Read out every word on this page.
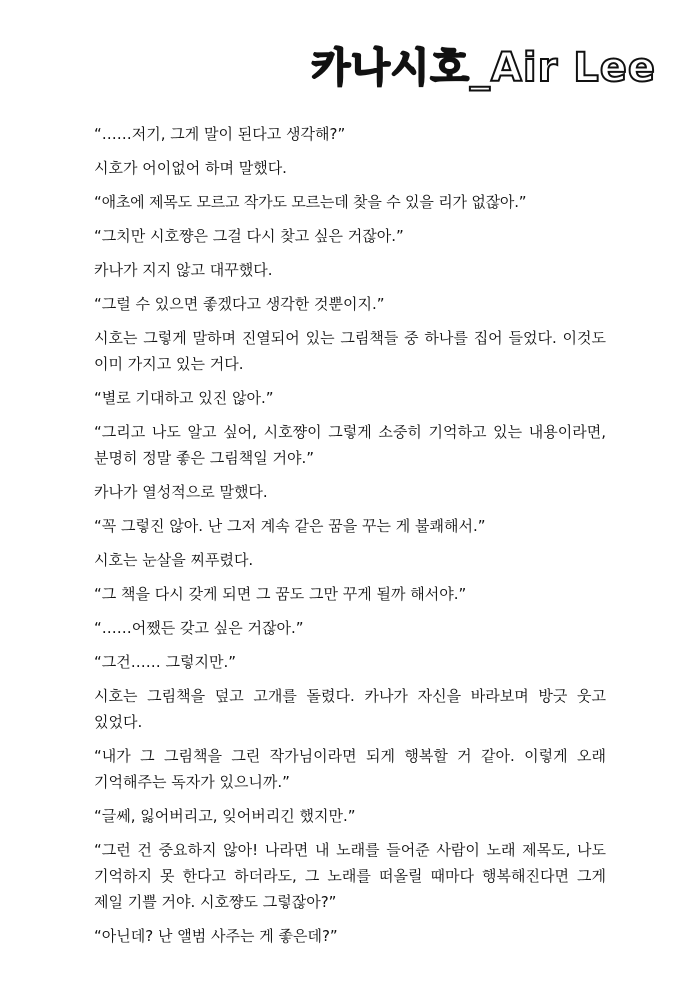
카나시호_Air Lee

“……저기, 그게 말이 된다고 생각해?”

시호가 어이없어 하며 말했다.

“애초에 제목도 모르고 작가도 모르는데 찾을 수 있을 리가 없잖아.”

“그치만 시호쨩은 그걸 다시 찾고 싶은 거잖아.”

카나가 지지 않고 대꾸했다.

“그럴 수 있으면 좋겠다고 생각한 것뿐이지.”

시호는 그렇게 말하며 진열되어 있는 그림책들 중 하나를 집어 들었다. 이것도 이미 가지고 있는 거다.

“별로 기대하고 있진 않아.”

“그리고 나도 알고 싶어, 시호쨩이 그렇게 소중히 기억하고 있는 내용이라면, 분명히 정말 좋은 그림책일 거야.”

카나가 열성적으로 말했다.

“꼭 그렇진 않아. 난 그저 계속 같은 꿈을 꾸는 게 불쾌해서.”

시호는 눈살을 찌푸렸다.

“그 책을 다시 갖게 되면 그 꿈도 그만 꾸게 될까 해서야.”

“……어쨌든 갖고 싶은 거잖아.”

“그건…… 그렇지만.”

시호는 그림책을 덮고 고개를 돌렸다. 카나가 자신을 바라보며 방긋 웃고 있었다.

“내가 그 그림책을 그린 작가님이라면 되게 행복할 거 같아. 이렇게 오래 기억해주는 독자가 있으니까.”

“글쎄, 잃어버리고, 잊어버리긴 했지만.”

“그런 건 중요하지 않아! 나라면 내 노래를 들어준 사람이 노래 제목도, 나도 기억하지 못 한다고 하더라도, 그 노래를 떠올릴 때마다 행복해진다면 그게 제일 기쁠 거야. 시호쨩도 그렇잖아?”

“아닌데? 난 앨범 사주는 게 좋은데?”
